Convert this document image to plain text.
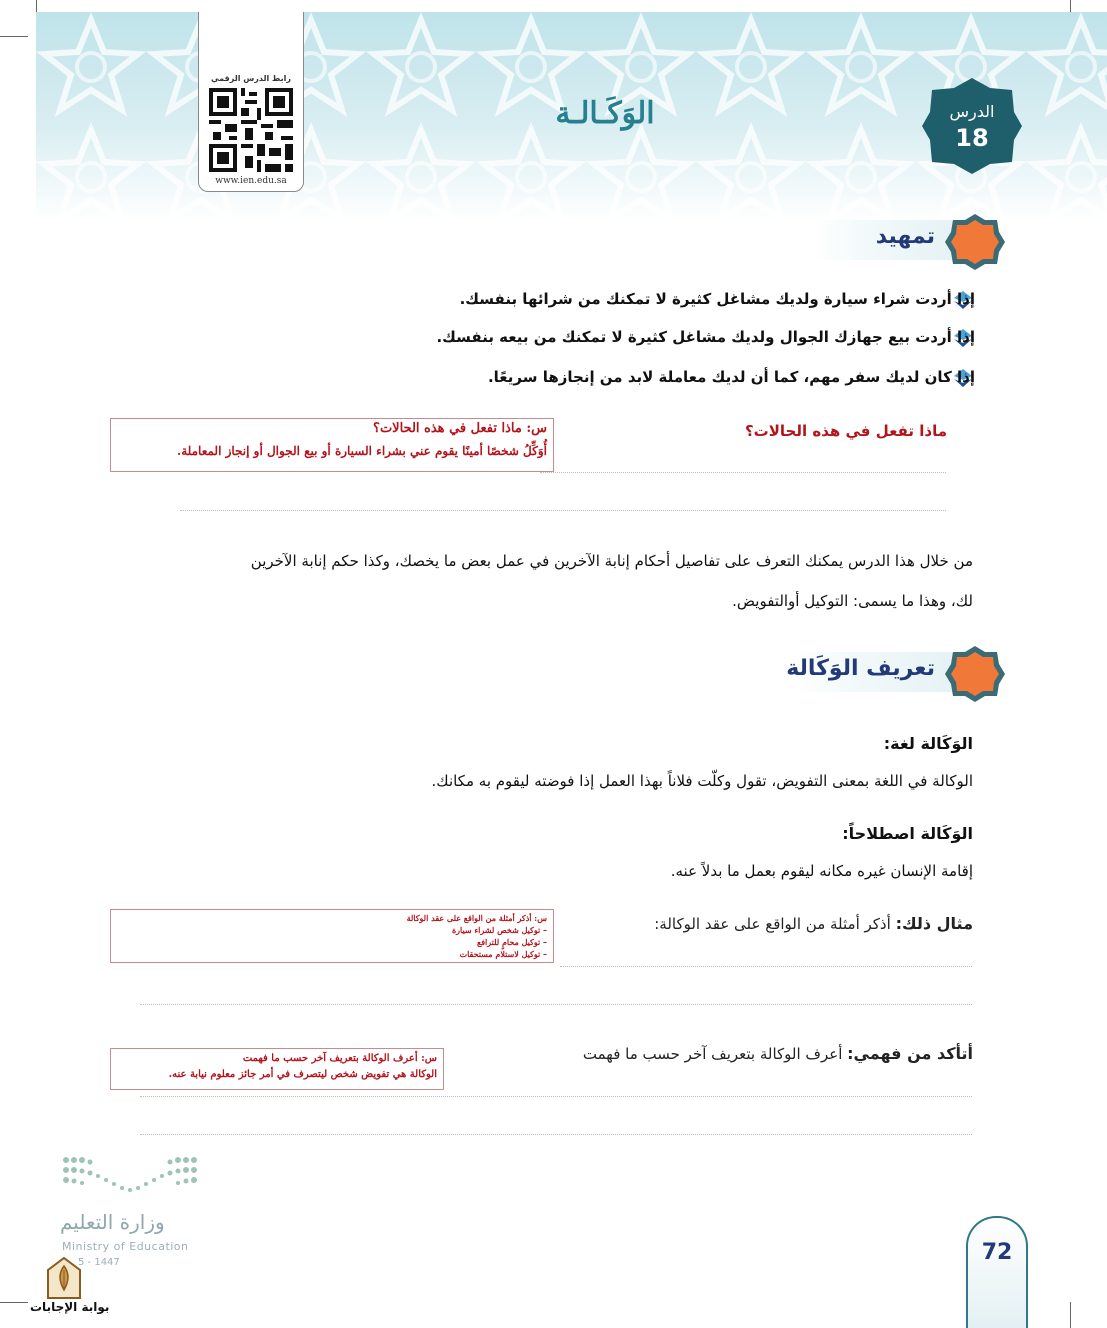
رابط الدرس الرقمي
www.ien.edu.sa
الوَكَـالـة	الدرس
18
تمهيد
إذا أردت شراء سيارة ولديك مشاغل كثيرة لا تمكنك من شرائها بنفسك.
إذا أردت بيع جهازك الجوال ولديك مشاغل كثيرة لا تمكنك من بيعه بنفسك.
إذا كان لديك سفر مهم، كما أن لديك معاملة لابد من إنجازها سريعًا.
ماذا تفعل في هذه الحالات؟
س: ماذا تفعل في هذه الحالات؟
أُوَكِّلُ شخصًا أمينًا يقوم عني بشراء السيارة أو بيع الجوال أو إنجاز المعاملة.
من خلال هذا الدرس يمكنك التعرف على تفاصيل أحكام إنابة الآخرين في عمل بعض ما يخصك، وكذا حكم إنابة الآخرين
لك، وهذا ما يسمى: التوكيل أوالتفويض.
تعريف الوَكَالة
الوَكَالة لغة:
الوكالة في اللغة بمعنى التفويض، تقول وكلّت فلاناً بهذا العمل إذا فوضته ليقوم به مكانك.
الوَكَالة اصطلاحاً:
إقامة الإنسان غيره مكانه ليقوم بعمل ما بدلاً عنه.
مثال ذلك: أذكر أمثلة من الواقع على عقد الوكالة:
س: أذكر أمثلة من الواقع على عقد الوكالة
– توكيل شخص لشراء سيارة
– توكيل محامٍ للترافع
– توكيل لاستلام مستحقات
أتأكد من فهمي: أعرف الوكالة بتعريف آخر حسب ما فهمت
س: أعرف الوكالة بتعريف آخر حسب ما فهمت
الوكالة هي تفويض شخص ليتصرف في أمر جائز معلوم نيابة عنه.
وزارة التعليم
Ministry of Education
5 - 1447
بوابة الإجابات
72
